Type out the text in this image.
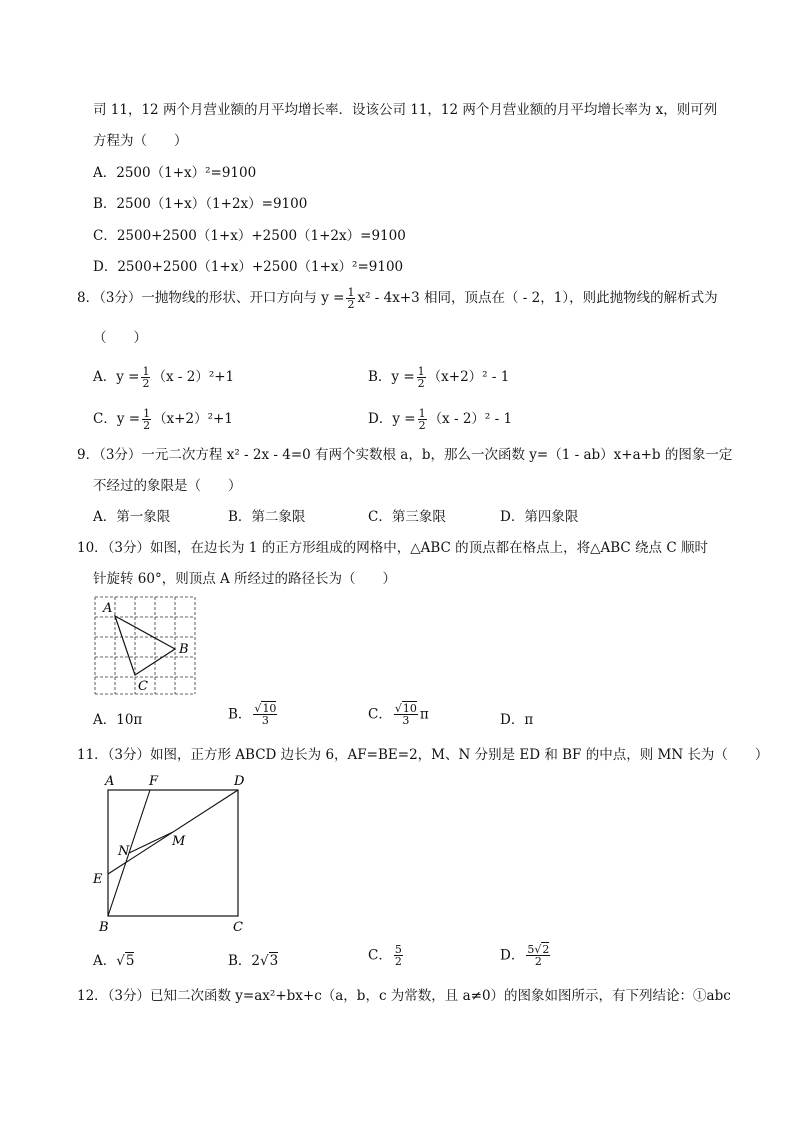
司 11，12 两个月营业额的月平均增长率．设该公司 11，12 两个月营业额的月平均增长率为 x，则可列
方程为（　　）
A．2500（1+x）²=9100
B．2500（1+x）（1+2x）=9100
C．2500+2500（1+x）+2500（1+2x）=9100
D．2500+2500（1+x）+2500（1+x）²=9100
8．（3分）一抛物线的形状、开口方向与 $y = \frac{1}{2} x^2 - 4x+3$ 相同，顶点在（ - 2，1），则此抛物线的解析式为
（　　）
A．$y = \frac{1}{2} (x - 2)^2+1$	B．$y = \frac{1}{2} (x+2)^2 - 1$
C．$y = \frac{1}{2} (x+2)^2+1$	D．$y = \frac{1}{2} (x - 2)^2 - 1$
9．（3分）一元二次方程 x² - 2x - 4=0 有两个实数根 a，b，那么一次函数 y=（1 - ab）x+a+b 的图象一定
不经过的象限是（　　）
A．第一象限	B．第二象限	C．第三象限	D．第四象限
10．（3分）如图，在边长为 1 的正方形组成的网格中，△ABC 的顶点都在格点上，将△ABC 绕点 C 顺时
针旋转 60°，则顶点 A 所经过的路径长为（　　）
A
B
C
A．10π	B． $\frac{√10}{3}$	C． $\frac{√10}{3}$ π	D．π
11．（3分）如图，正方形 ABCD 边长为 6，AF=BE=2，M、N 分别是 ED 和 BF 的中点，则 MN 长为（　　）
A	F	D
N
M
E
B	C
A．√5	B．2√3	C． $\frac{5}{2}$	D． $\frac{5√2}{2}$
12．（3分）已知二次函数 y=ax²+bx+c（a，b，c 为常数，且 a≠0）的图象如图所示，有下列结论：①abc
